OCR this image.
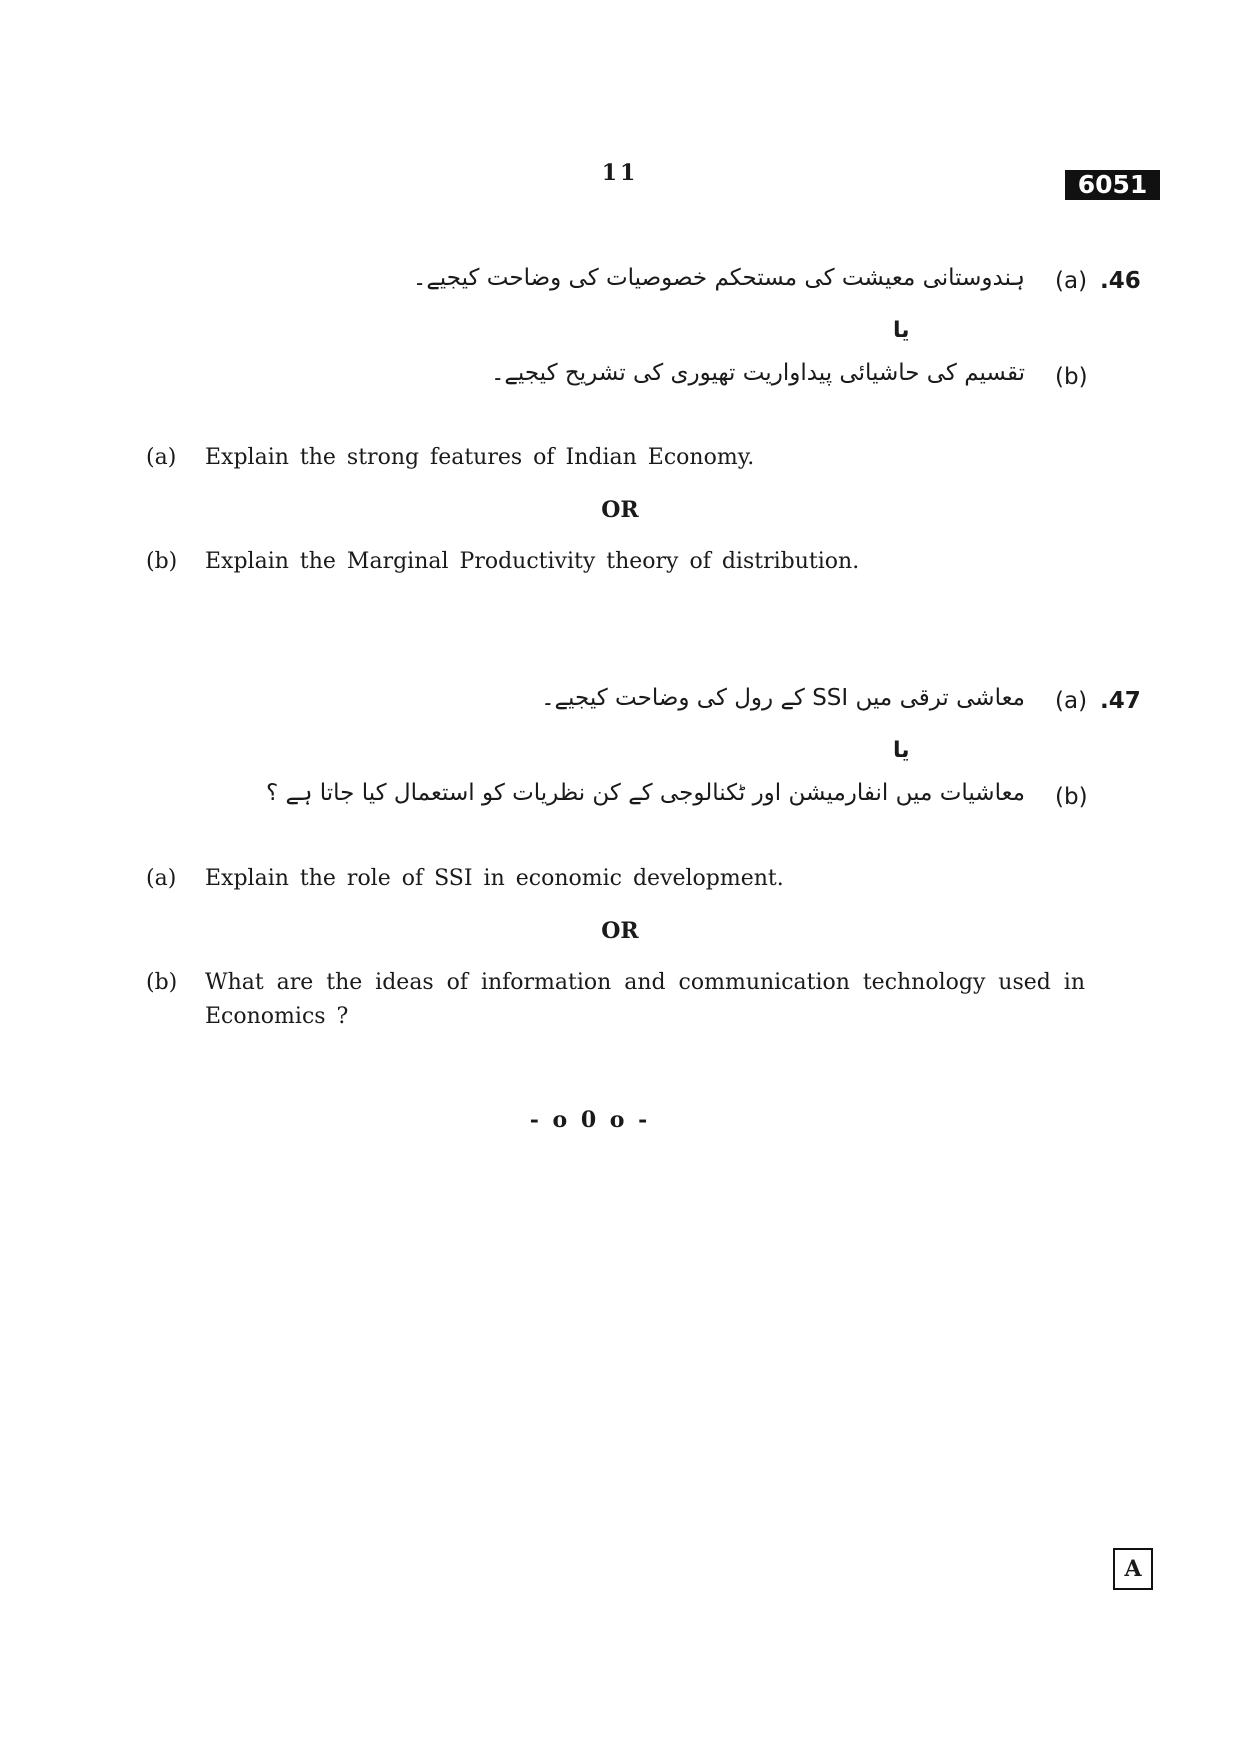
11	6051
.46
(a)
ہندوستانی معیشت کی مستحکم خصوصیات کی وضاحت کیجیے۔
یا
(b)
تقسیم کی حاشیائی پیداواریت تھیوری کی تشریح کیجیے۔
(a) Explain the strong features of Indian Economy.
OR
(b) Explain the Marginal Productivity theory of distribution.
.47
(a)
معاشی ترقی میں SSI کے رول کی وضاحت کیجیے۔
یا
(b)
معاشیات میں انفارمیشن اور ٹکنالوجی کے کن نظریات کو استعمال کیا جاتا ہے ؟
(a) Explain the role of SSI in economic development.
OR
(b) What are the ideas of information and communication technology used in
Economics ?
- o 0 o -
A
